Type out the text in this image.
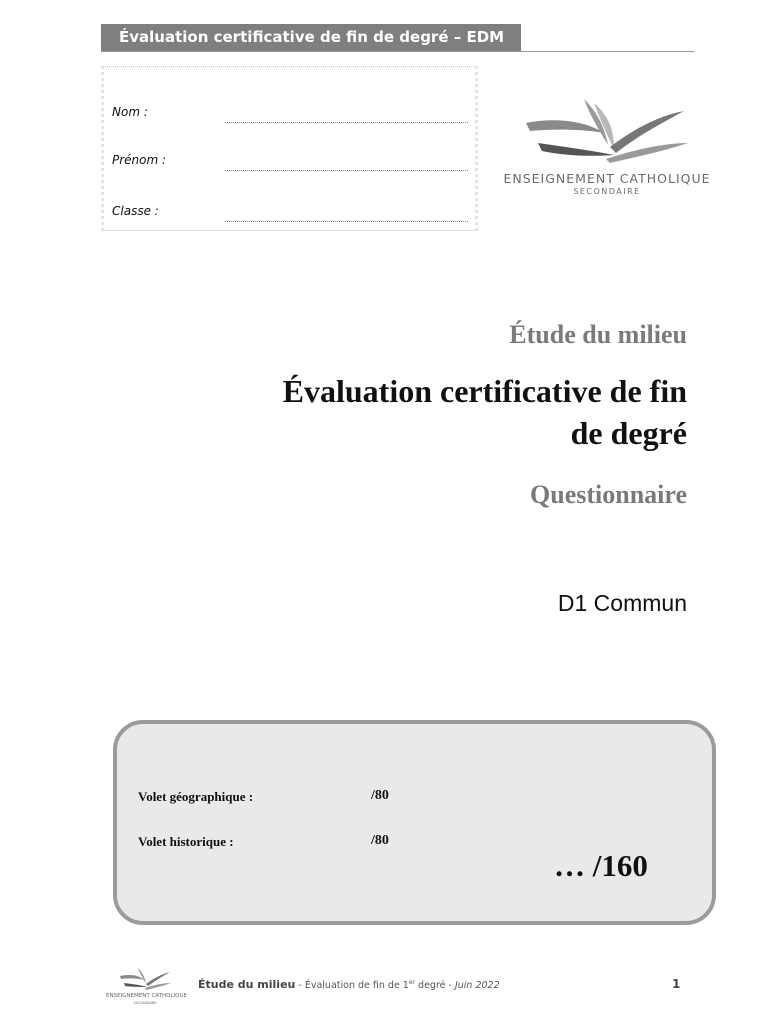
Évaluation certificative de fin de degré – EDM
Nom :
Prénom :
Classe :
ENSEIGNEMENT CATHOLIQUE
SECONDAIRE
Étude du milieu
Évaluation certificative de fin
de degré
Questionnaire
D1 Commun
Volet géographique :	/80
Volet historique :	/80
… /160
ENSEIGNEMENT CATHOLIQUE
SECONDAIRE
Étude du milieu - Évaluation de fin de 1er degré - Juin 2022	1
